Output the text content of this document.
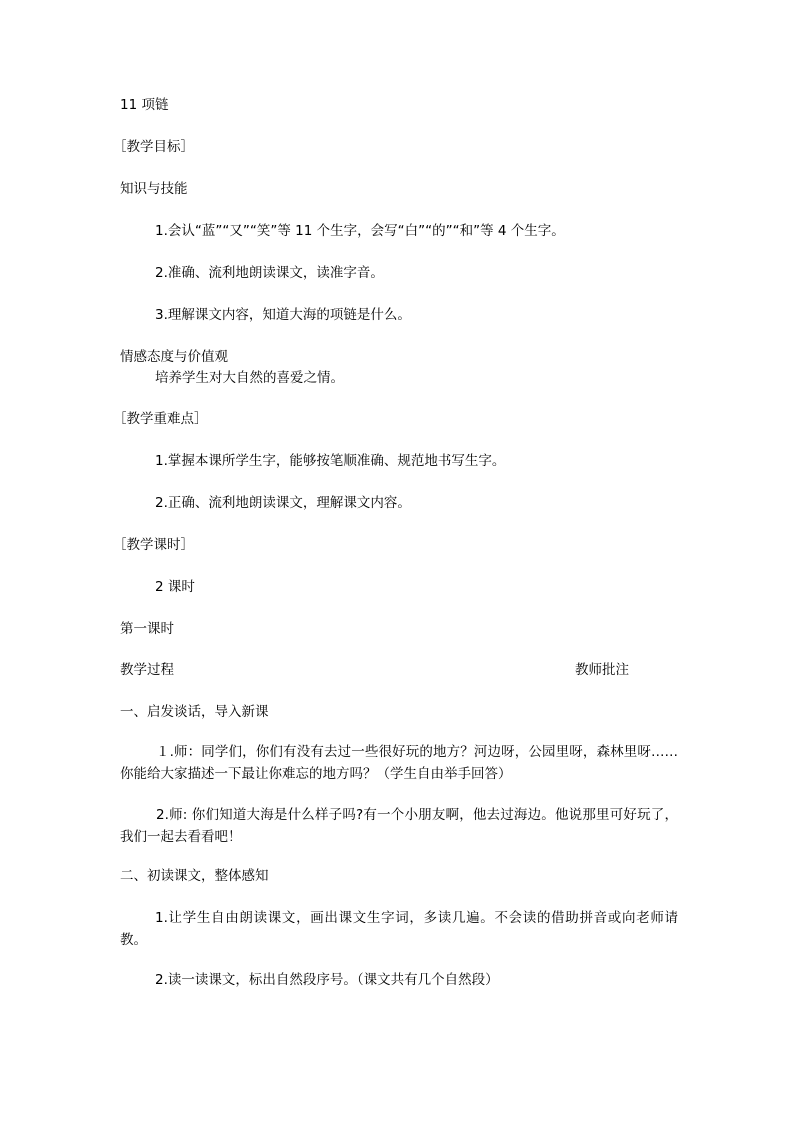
11 项链
［教学目标］
知识与技能
1.会认“蓝”“又”“笑”等 11 个生字，会写“白”“的”“和”等 4 个生字。
2.准确、流利地朗读课文，读准字音。
3.理解课文内容，知道大海的项链是什么。
情感态度与价值观
培养学生对大自然的喜爱之情。
［教学重难点］
1.掌握本课所学生字，能够按笔顺准确、规范地书写生字。
2.正确、流利地朗读课文，理解课文内容。
［教学课时］
2 课时
第一课时
教学过程	教师批注
一、启发谈话，导入新课
１.师：同学们，你们有没有去过一些很好玩的地方？河边呀，公园里呀，森林里呀……你能给大家描述一下最让你难忘的地方吗？（学生自由举手回答）
2.师: 你们知道大海是什么样子吗?有一个小朋友啊，他去过海边。他说那里可好玩了，我们一起去看看吧！
二、初读课文，整体感知
1.让学生自由朗读课文，画出课文生字词，多读几遍。不会读的借助拼音或向老师请教。
2.读一读课文，标出自然段序号。（课文共有几个自然段）
